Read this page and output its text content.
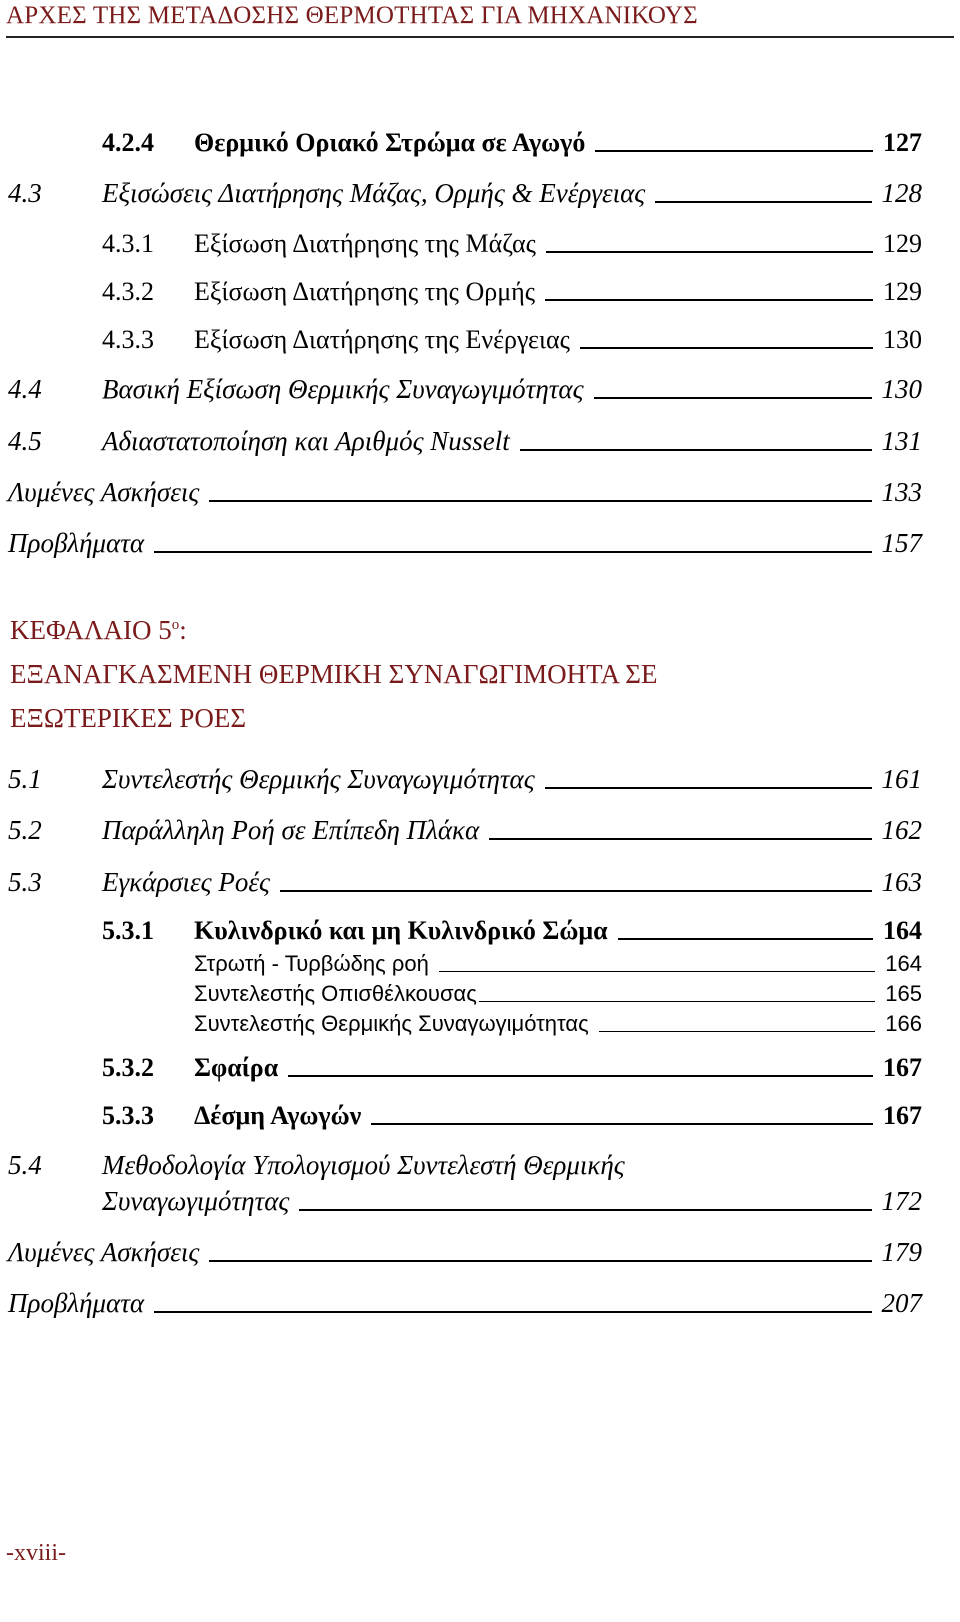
ΑΡΧΕΣ ΤΗΣ ΜΕΤΑΔΟΣΗΣ ΘΕΡΜΟΤΗΤΑΣ ΓΙΑ ΜΗΧΑΝΙΚΟΥΣ
4.2.4	Θερμικό Οριακό Στρώμα σε Αγωγό	127
4.3	Εξισώσεις Διατήρησης Μάζας, Ορμής & Ενέργειας	128
4.3.1	Εξίσωση Διατήρησης της Μάζας	129
4.3.2	Εξίσωση Διατήρησης της Ορμής	129
4.3.3	Εξίσωση Διατήρησης της Ενέργειας	130
4.4	Βασική Εξίσωση Θερμικής Συναγωγιμότητας	130
4.5	Αδιαστατοποίηση και Αριθμός Nusselt	131
Λυμένες Ασκήσεις	133
Προβλήματα	157
ΚΕΦΑΛΑΙΟ $5^o$:
ΕΞΑΝΑΓΚΑΣΜΕΝΗ ΘΕΡΜΙΚΗ ΣΥΝΑΓΩΓΙΜΟΗΤΑ ΣΕ
ΕΞΩΤΕΡΙΚΕΣ ΡΟΕΣ
5.1	Συντελεστής Θερμικής Συναγωγιμότητας	161
5.2	Παράλληλη Ροή σε Επίπεδη Πλάκα	162
5.3	Εγκάρσιες Ροές	163
5.3.1	Κυλινδρικό και μη Κυλινδρικό Σώμα	164
Στρωτή - Τυρβώδης ροή	164
Συντελεστής Οπισθέλκουσας	165
Συντελεστής Θερμικής Συναγωγιμότητας	166
5.3.2	Σφαίρα	167
5.3.3	Δέσμη Αγωγών	167
5.4	Μεθοδολογία Υπολογισμού Συντελεστή Θερμικής
Συναγωγιμότητας	172
Λυμένες Ασκήσεις	179
Προβλήματα	207
-xviii-
